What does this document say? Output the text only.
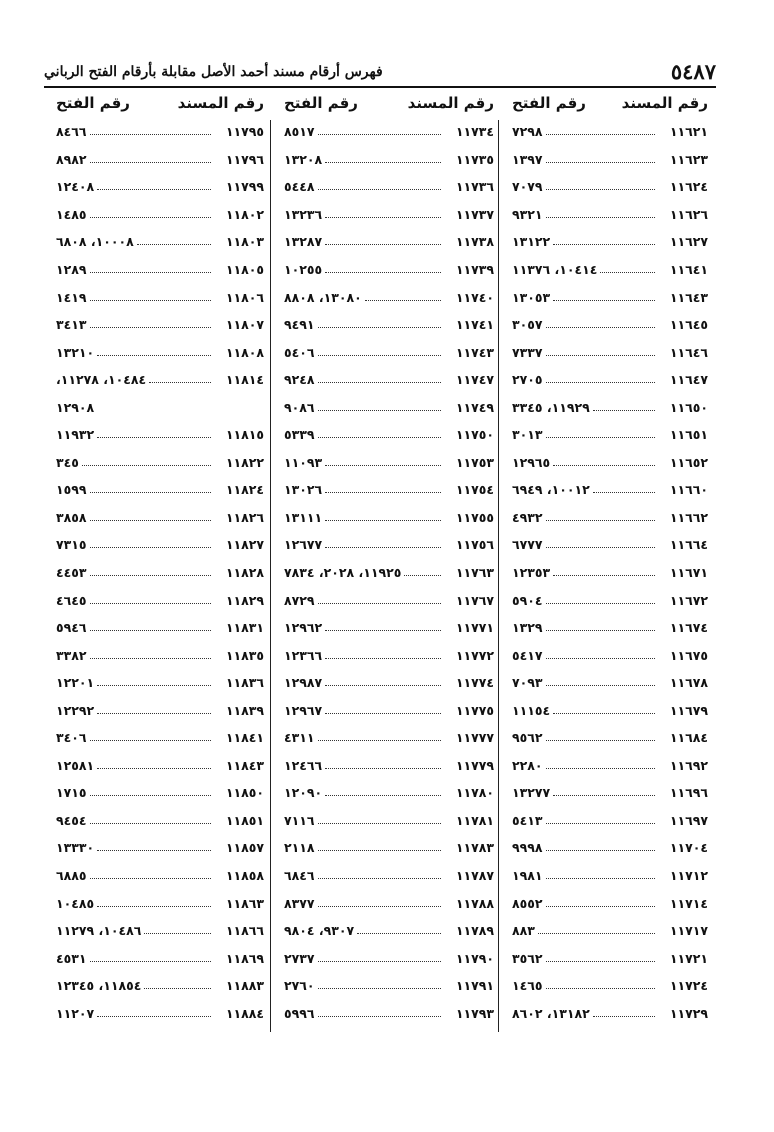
٥٤٨٧
فهرس أرقام مسند أحمد الأصل مقابلة بأرقام الفتح الرباني
رقم المسند
رقم الفتح
١١٦٢١
٧٢٩٨
١١٦٢٣
١٣٩٧
١١٦٢٤
٧٠٧٩
١١٦٢٦
٩٣٢١
١١٦٢٧
١٣١٢٢
١١٦٤١
١٠٤١٤، ١١٣٧٦
١١٦٤٣
١٣٠٥٣
١١٦٤٥
٣٠٥٧
١١٦٤٦
٧٣٣٧
١١٦٤٧
٢٧٠٥
١١٦٥٠
١١٩٢٩، ٣٣٤٥
١١٦٥١
٣٠١٣
١١٦٥٢
١٢٩٦٥
١١٦٦٠
١٠٠١٢، ٦٩٤٩
١١٦٦٢
٤٩٣٢
١١٦٦٤
٦٧٧٧
١١٦٧١
١٢٣٥٣
١١٦٧٢
٥٩٠٤
١١٦٧٤
١٣٢٩
١١٦٧٥
٥٤١٧
١١٦٧٨
٧٠٩٣
١١٦٧٩
١١١٥٤
١١٦٨٤
٩٥٦٢
١١٦٩٢
٢٢٨٠
١١٦٩٦
١٣٢٧٧
١١٦٩٧
٥٤١٣
١١٧٠٤
٩٩٩٨
١١٧١٢
١٩٨١
١١٧١٤
٨٥٥٢
١١٧١٧
٨٨٣
١١٧٢١
٣٥٦٢
١١٧٢٤
١٤٦٥
١١٧٢٩
١٣١٨٢، ٨٦٠٢
رقم المسند
رقم الفتح
١١٧٣٤
٨٥١٧
١١٧٣٥
١٣٢٠٨
١١٧٣٦
٥٤٤٨
١١٧٣٧
١٣٢٣٦
١١٧٣٨
١٣٢٨٧
١١٧٣٩
١٠٢٥٥
١١٧٤٠
١٣٠٨٠، ٨٨٠٨
١١٧٤١
٩٤٩١
١١٧٤٣
٥٤٠٦
١١٧٤٧
٩٢٤٨
١١٧٤٩
٩٠٨٦
١١٧٥٠
٥٣٣٩
١١٧٥٣
١١٠٩٣
١١٧٥٤
١٣٠٢٦
١١٧٥٥
١٣١١١
١١٧٥٦
١٢٦٧٧
١١٧٦٣
١١٩٢٥، ٢٠٢٨، ٧٨٣٤
١١٧٦٧
٨٧٢٩
١١٧٧١
١٢٩٦٢
١١٧٧٢
١٢٣٦٦
١١٧٧٤
١٢٩٨٧
١١٧٧٥
١٢٩٦٧
١١٧٧٧
٤٣١١
١١٧٧٩
١٢٤٦٦
١١٧٨٠
١٢٠٩٠
١١٧٨١
٧١١٦
١١٧٨٣
٢١١٨
١١٧٨٧
٦٨٤٦
١١٧٨٨
٨٣٧٧
١١٧٨٩
٩٣٠٧، ٩٨٠٤
١١٧٩٠
٢٧٣٧
١١٧٩١
٢٧٦٠
١١٧٩٣
٥٩٩٦
رقم المسند
رقم الفتح
١١٧٩٥
٨٤٦٦
١١٧٩٦
٨٩٨٢
١١٧٩٩
١٢٤٠٨
١١٨٠٢
١٤٨٥
١١٨٠٣
١٠٠٠٨، ٦٨٠٨
١١٨٠٥
١٢٨٩
١١٨٠٦
١٤١٩
١١٨٠٧
٣٤١٣
١١٨٠٨
١٣٢١٠
١١٨١٤
١٠٤٨٤، ١١٢٧٨،
١٢٩٠٨
١١٨١٥
١١٩٣٢
١١٨٢٢
٣٤٥
١١٨٢٤
١٥٩٩
١١٨٢٦
٣٨٥٨
١١٨٢٧
٧٣١٥
١١٨٢٨
٤٤٥٣
١١٨٢٩
٤٦٤٥
١١٨٣١
٥٩٤٦
١١٨٣٥
٣٣٨٢
١١٨٣٦
١٢٢٠١
١١٨٣٩
١٢٢٩٢
١١٨٤١
٣٤٠٦
١١٨٤٣
١٢٥٨١
١١٨٥٠
١٧١٥
١١٨٥١
٩٤٥٤
١١٨٥٧
١٣٣٣٠
١١٨٥٨
٦٨٨٥
١١٨٦٣
١٠٤٨٥
١١٨٦٦
١٠٤٨٦، ١١٢٧٩
١١٨٦٩
٤٥٣١
١١٨٨٣
١١٨٥٤، ١٢٣٤٥
١١٨٨٤
١١٢٠٧
